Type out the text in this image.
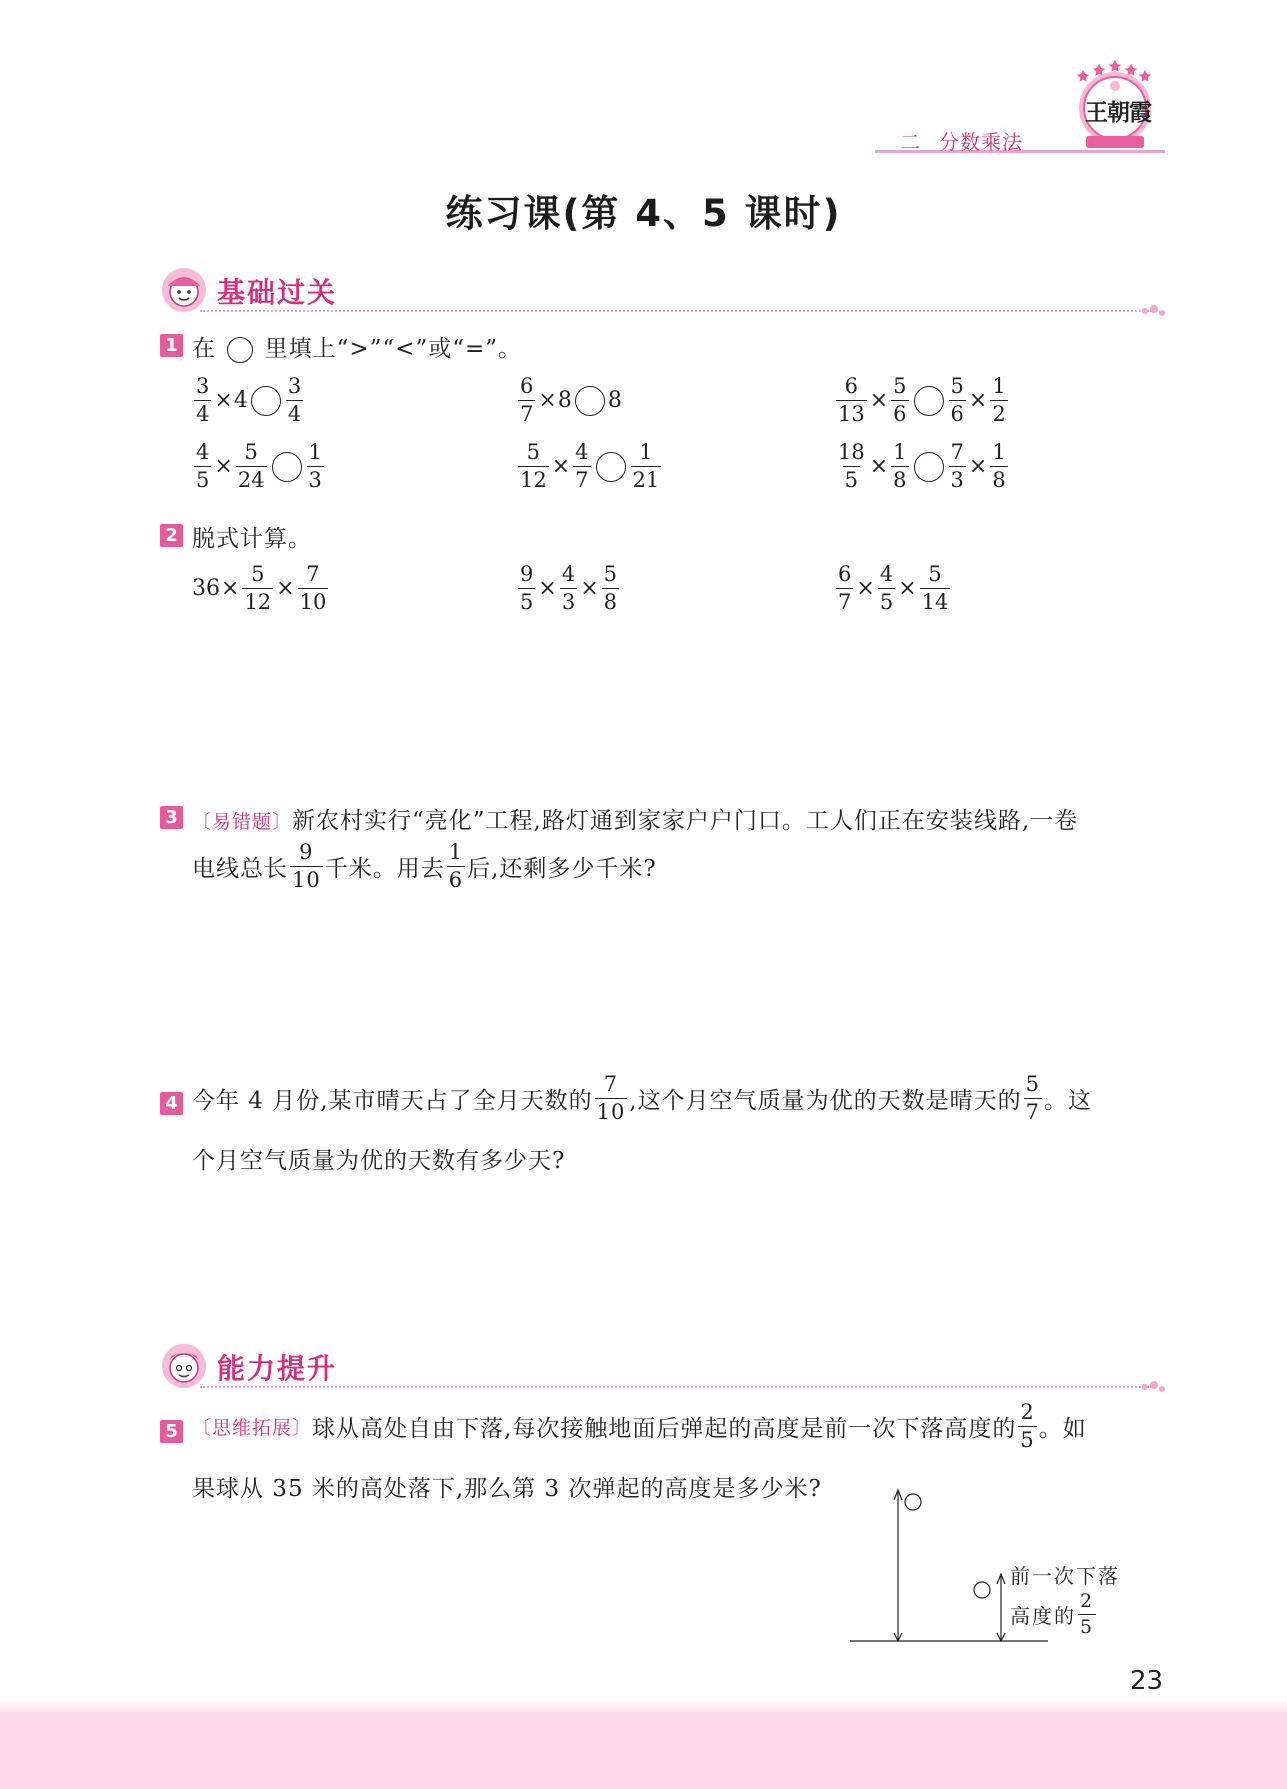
王朝霞
二 分数乘法
练习课(第 4、5 课时)
基础过关
1 在 里填上“>”“<”或“=”。
$\frac{3}{4} \times 4 \frac{3}{4}$	$\frac{6}{7} \times 8$ 8	$\frac{6}{13} \times \frac{5}{6} \frac{5}{6} \times \frac{1}{2}$
$\frac{4}{5} \times \frac{5}{24} \frac{1}{3}$	$\frac{5}{12} \times \frac{4}{7} \frac{1}{21}$	$\frac{18}{5} \times \frac{1}{8} \frac{7}{3} \times \frac{1}{8}$
2 脱式计算。
$36 \times \frac{5}{12} \times \frac{7}{10}$	$\frac{9}{5} \times \frac{4}{3} \times \frac{5}{8}$	$\frac{6}{7} \times \frac{4}{5} \times \frac{5}{14}$
3 〔易错题〕新农村实行“亮化”工程,路灯通到家家户户门口。工人们正在安装线路,一卷
电线总长 $\frac{9}{10}$ 千米。用去 $\frac{1}{6}$ 后,还剩多少千米?
4 今年 4 月份,某市晴天占了全月天数的 $\frac{7}{10}$ ,这个月空气质量为优的天数是晴天的 $\frac{5}{7}$ 。这
个月空气质量为优的天数有多少天?
能力提升
5 〔思维拓展〕 球从高处自由下落,每次接触地面后弹起的高度是前一次下落高度的 $\frac{2}{5}$ 。如
果球从 35 米的高处落下,那么第 3 次弹起的高度是多少米?
前一次下落
高度的 $\frac{2}{5}$
23
